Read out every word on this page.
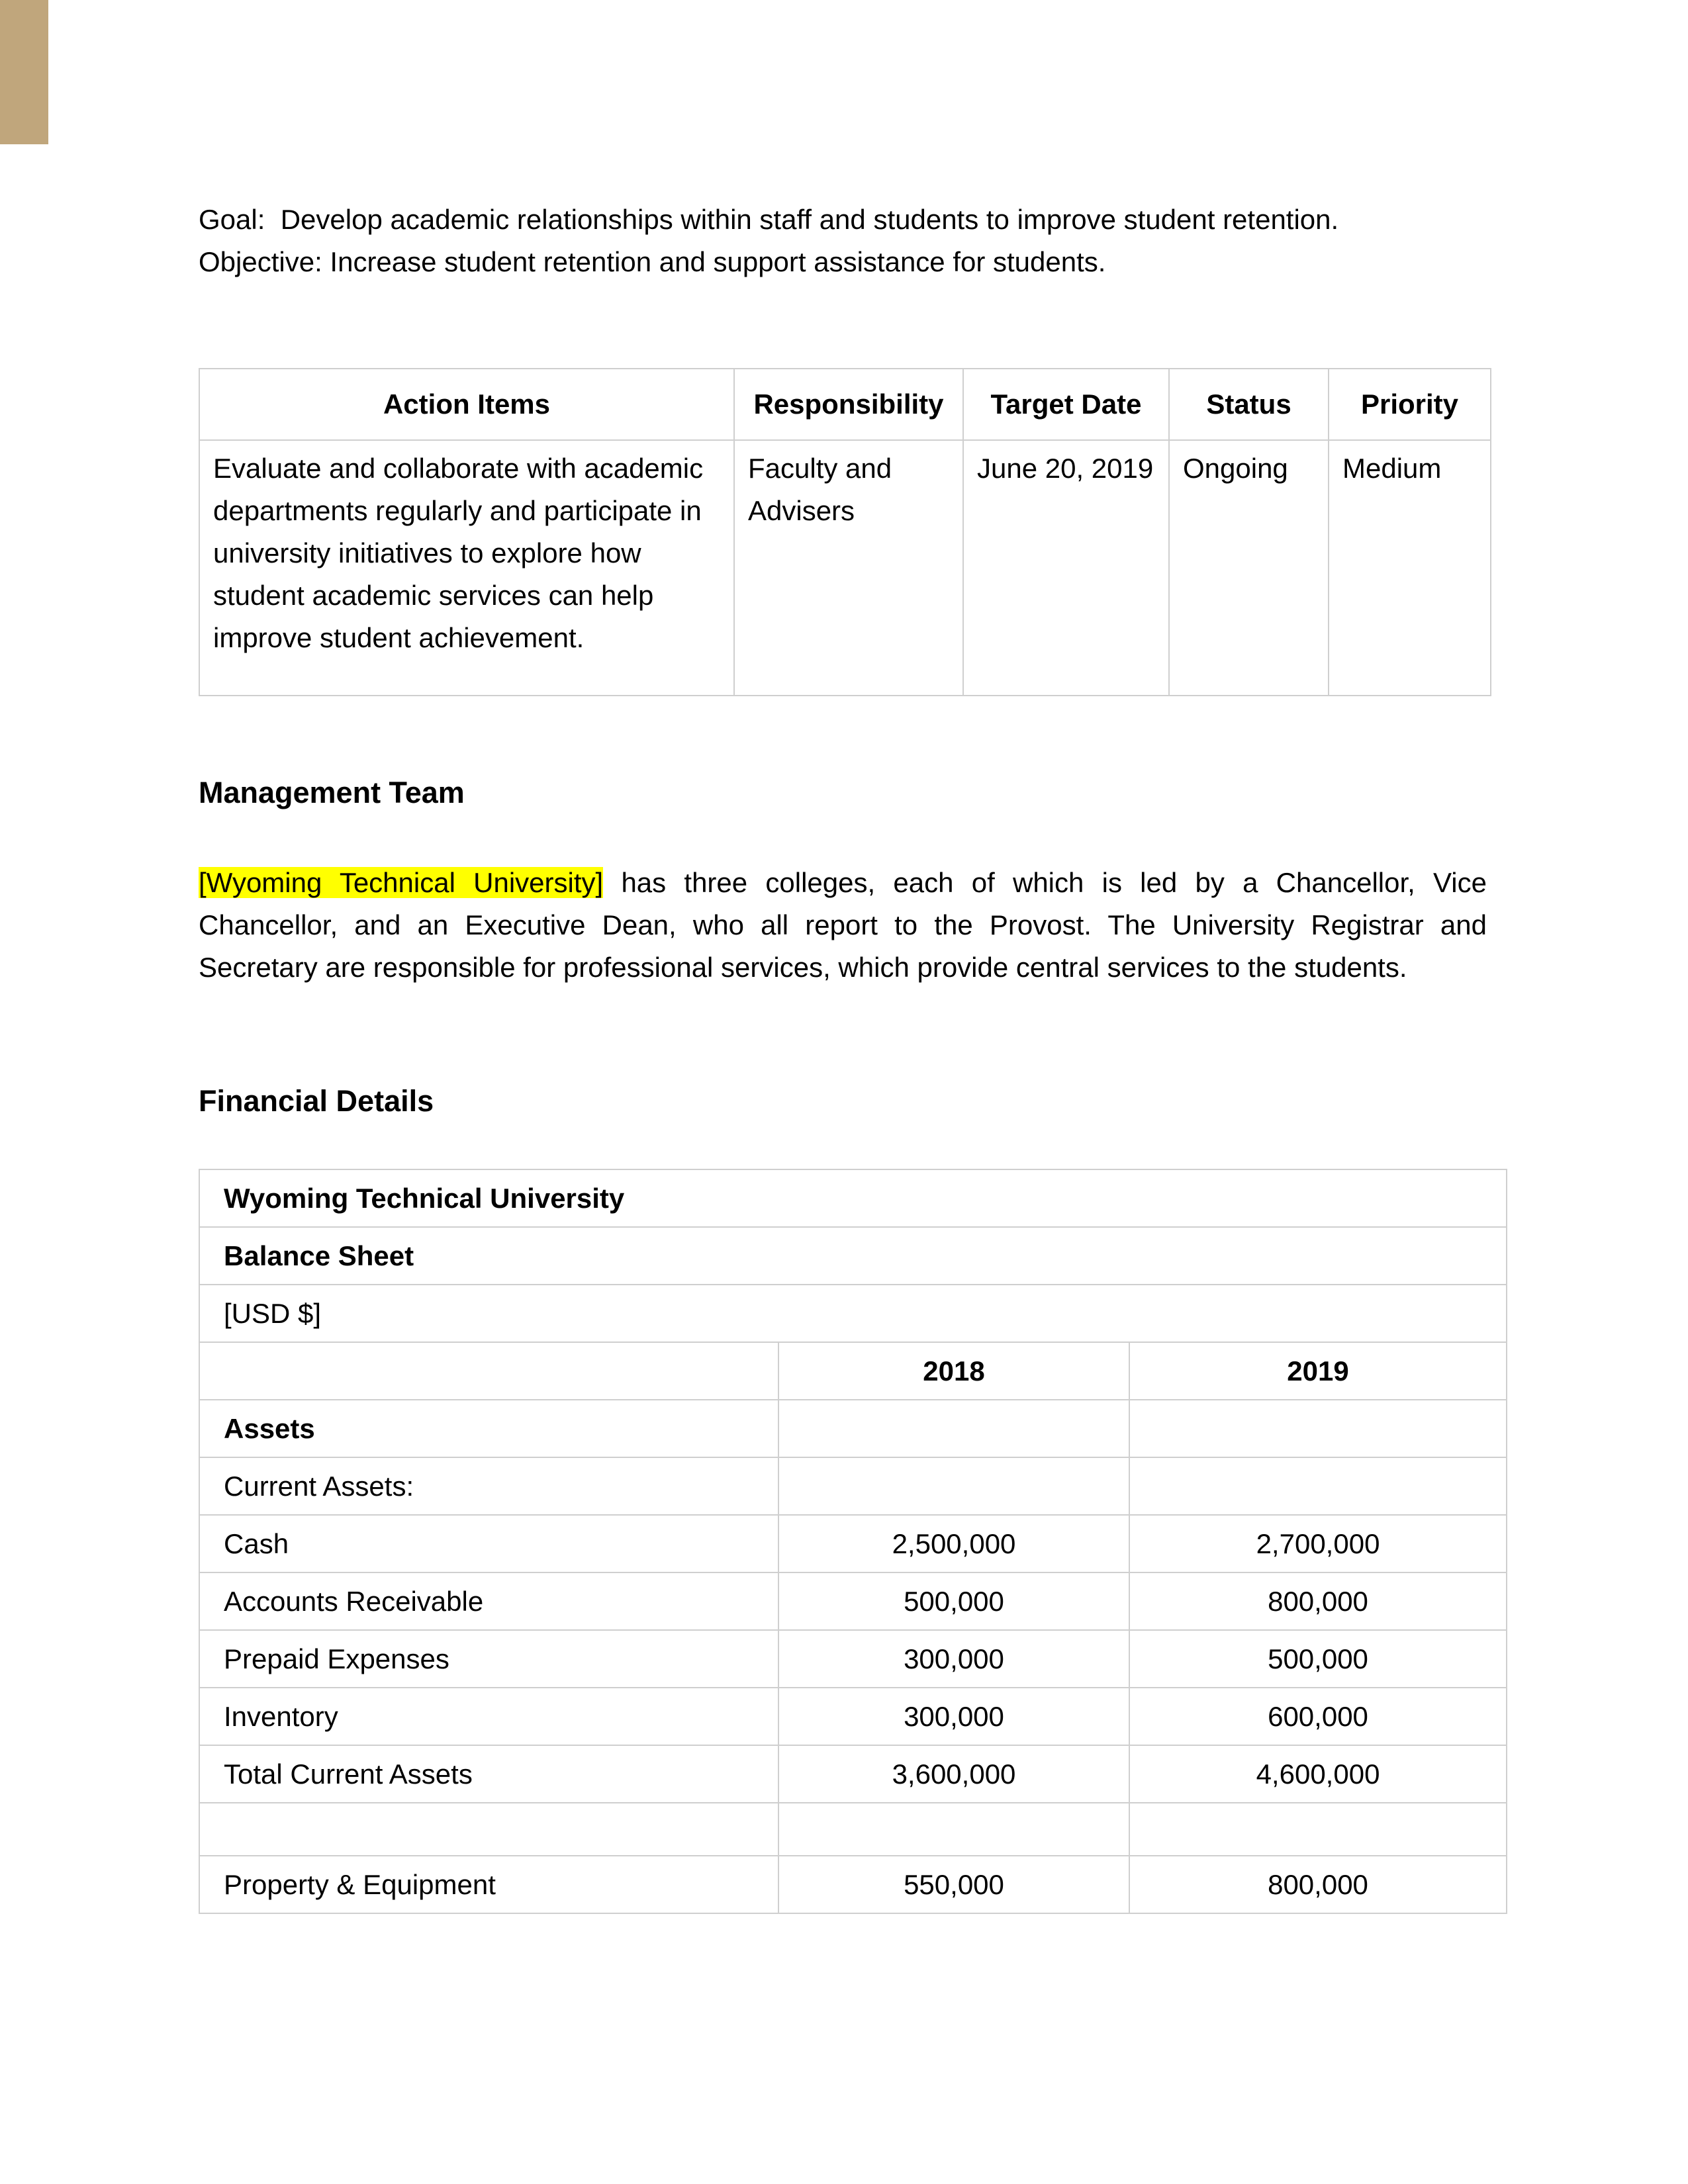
Goal:  Develop academic relationships within staff and students to improve student retention.

Objective: Increase student retention and support assistance for students.

Action Items	Responsibility	Target Date	Status	Priority
Evaluate and collaborate with academic departments regularly and participate in university initiatives to explore how student academic services can help improve student achievement.	Faculty and Advisers	June 20, 2019	Ongoing	Medium
Management Team

[Wyoming Technical University] has three colleges, each of which is led by a Chancellor, Vice Chancellor, and an Executive Dean, who all report to the Provost. The University Registrar and Secretary are responsible for professional services, which provide central services to the students.

Financial Details
Wyoming Technical University		
Balance Sheet		
[USD $]		
	2018	2019
Assets		
Current Assets:		
Cash	2,500,000	2,700,000
Accounts Receivable	500,000	800,000
Prepaid Expenses	300,000	500,000
Inventory	300,000	600,000
Total Current Assets	3,600,000	4,600,000

Property & Equipment	550,000	800,000
